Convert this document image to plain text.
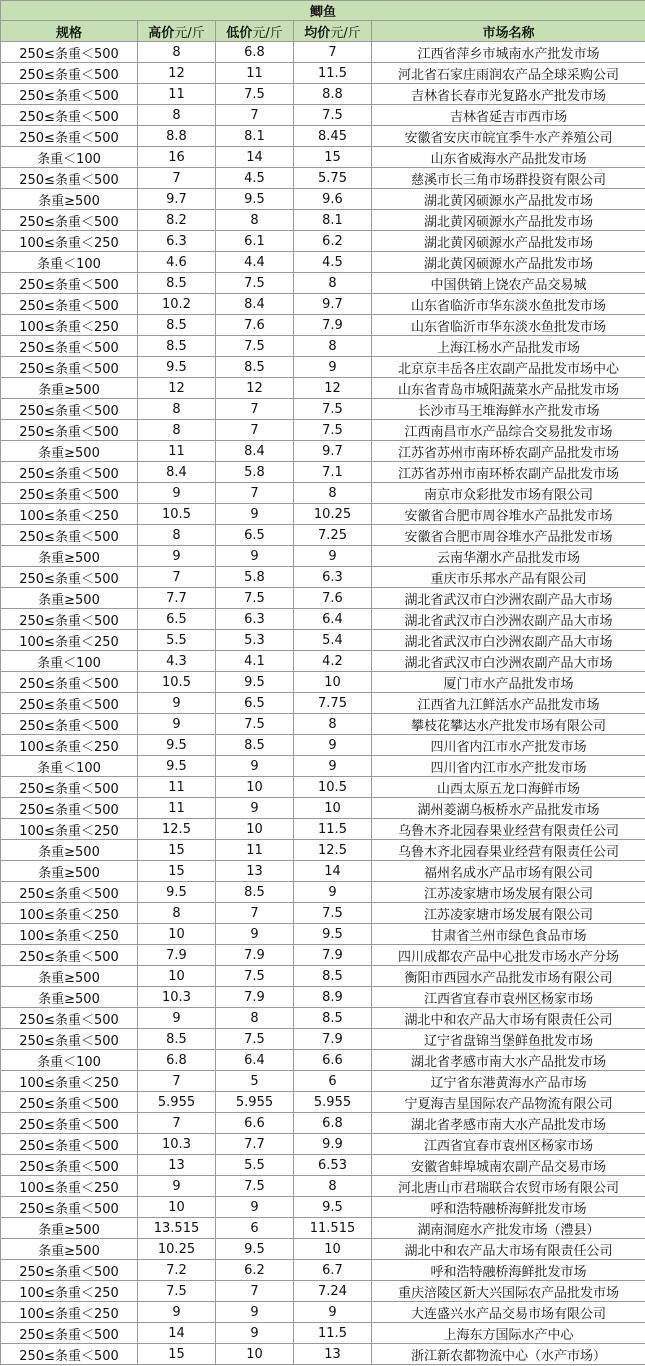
鲫鱼				
规格	高价元/斤	低价元/斤	均价元/斤	市场名称
250≤条重＜500	8	6.8	7	江西省萍乡市城南水产批发市场
250≤条重＜500	12	11	11.5	河北省石家庄雨润农产品全球采购公司
250≤条重＜500	11	7.5	8.8	吉林省长春市光复路水产批发市场
250≤条重＜500	8	7	7.5	吉林省延吉市西市场
250≤条重＜500	8.8	8.1	8.45	安徽省安庆市皖宜季牛水产养殖公司
条重＜100	16	14	15	山东省威海水产品批发市场
250≤条重＜500	7	4.5	5.75	慈溪市长三角市场群投资有限公司
条重≥500	9.7	9.5	9.6	湖北黄冈硕源水产品批发市场
250≤条重＜500	8.2	8	8.1	湖北黄冈硕源水产品批发市场
100≤条重＜250	6.3	6.1	6.2	湖北黄冈硕源水产品批发市场
条重＜100	4.6	4.4	4.5	湖北黄冈硕源水产品批发市场
250≤条重＜500	8.5	7.5	8	中国供销上饶农产品交易城
250≤条重＜500	10.2	8.4	9.7	山东省临沂市华东淡水鱼批发市场
100≤条重＜250	8.5	7.6	7.9	山东省临沂市华东淡水鱼批发市场
250≤条重＜500	8.5	7.5	8	上海江杨水产品批发市场
250≤条重＜500	9.5	8.5	9	北京京丰岳各庄农副产品批发市场中心
条重≥500	12	12	12	山东省青岛市城阳蔬菜水产品批发市场
250≤条重＜500	8	7	7.5	长沙市马王堆海鲜水产批发市场
250≤条重＜500	8	7	7.5	江西南昌市水产品综合交易批发市场
条重≥500	11	8.4	9.7	江苏省苏州市南环桥农副产品批发市场
250≤条重＜500	8.4	5.8	7.1	江苏省苏州市南环桥农副产品批发市场
250≤条重＜500	9	7	8	南京市众彩批发市场有限公司
100≤条重＜250	10.5	9	10.25	安徽省合肥市周谷堆水产品批发市场
250≤条重＜500	8	6.5	7.25	安徽省合肥市周谷堆水产品批发市场
条重≥500	9	9	9	云南华潮水产品批发市场
250≤条重＜500	7	5.8	6.3	重庆市乐邦水产品有限公司
条重≥500	7.7	7.5	7.6	湖北省武汉市白沙洲农副产品大市场
250≤条重＜500	6.5	6.3	6.4	湖北省武汉市白沙洲农副产品大市场
100≤条重＜250	5.5	5.3	5.4	湖北省武汉市白沙洲农副产品大市场
条重＜100	4.3	4.1	4.2	湖北省武汉市白沙洲农副产品大市场
250≤条重＜500	10.5	9.5	10	厦门市水产品批发市场
250≤条重＜500	9	6.5	7.75	江西省九江鲜活水产品批发市场
250≤条重＜500	9	7.5	8	攀枝花攀达水产批发市场有限公司
100≤条重＜250	9.5	8.5	9	四川省内江市水产批发市场
条重＜100	9.5	9	9	四川省内江市水产批发市场
250≤条重＜500	11	10	10.5	山西太原五龙口海鲜市场
250≤条重＜500	11	9	10	湖州菱湖乌板桥水产品批发市场
100≤条重＜250	12.5	10	11.5	乌鲁木齐北园春果业经营有限责任公司
条重≥500	15	11	12.5	乌鲁木齐北园春果业经营有限责任公司
条重≥500	15	13	14	福州名成水产品市场有限公司
250≤条重＜500	9.5	8.5	9	江苏凌家塘市场发展有限公司
100≤条重＜250	8	7	7.5	江苏凌家塘市场发展有限公司
100≤条重＜250	10	9	9.5	甘肃省兰州市绿色食品市场
250≤条重＜500	7.9	7.9	7.9	四川成都农产品中心批发市场水产分场
条重≥500	10	7.5	8.5	衡阳市西园水产品批发市场有限公司
条重≥500	10.3	7.9	8.9	江西省宜春市袁州区杨家市场
250≤条重＜500	9	8	8.5	湖北中和农产品大市场有限责任公司
250≤条重＜500	8.5	7.5	7.9	辽宁省盘锦当堡鲜鱼批发市场
条重＜100	6.8	6.4	6.6	湖北省孝感市南大水产品批发市场
100≤条重＜250	7	5	6	辽宁省东港黄海水产品市场
250≤条重＜500	5.955	5.955	5.955	宁夏海吉星国际农产品物流有限公司
250≤条重＜500	7	6.6	6.8	湖北省孝感市南大水产品批发市场
250≤条重＜500	10.3	7.7	9.9	江西省宜春市袁州区杨家市场
250≤条重＜500	13	5.5	6.53	安徽省蚌埠城南农副产品交易市场
100≤条重＜250	9	7.5	8	河北唐山市君瑞联合农贸市场有限公司
250≤条重＜500	10	9	9.5	呼和浩特融桥海鲜批发市场
条重≥500	13.515	6	11.515	湖南洞庭水产批发市场（澧县）
条重≥500	10.25	9.5	10	湖北中和农产品大市场有限责任公司
250≤条重＜500	7.2	6.2	6.7	呼和浩特融桥海鲜批发市场
100≤条重＜250	7.5	7	7.24	重庆涪陵区新大兴国际农产品批发市场
100≤条重＜250	9	9	9	大连盛兴水产品交易市场有限公司
250≤条重＜500	14	9	11.5	上海东方国际水产中心
250≤条重＜500	15	10	13	浙江新农都物流中心（水产市场）
